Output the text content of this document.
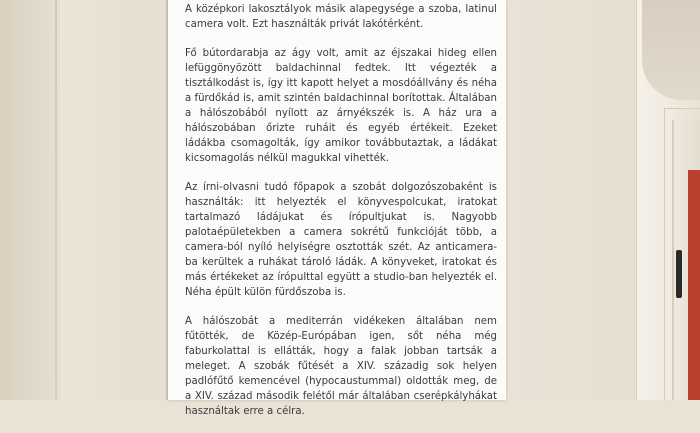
A középkori lakosztályok másik alapegysége a szoba, latinul camera volt. Ezt használták privát lakótérként.

Fő bútordarabja az ágy volt, amit az éjszakai hideg ellen lefüggönyözött baldachinnal fedtek. Itt végezték a tisztálkodást is, így itt kapott helyet a mosdóállvány és néha a fürdőkád is, amit szintén baldachinnal borítottak. Általában a hálószobából nyílott az árnyékszék is. A ház ura a hálószobában őrizte ruháit és egyéb értékeit. Ezeket ládákba csomagolták, így amikor továbbutaztak, a ládákat kicsomagolás nélkül magukkal vihették.

Az írni-olvasni tudó főpapok a szobát dolgozószobaként is használták: itt helyezték el könyvespolcukat, iratokat tartalmazó ládájukat és írópultjukat is. Nagyobb palotaépületekben a camera sokrétű funkcióját több, a camera-ból nyíló helyiségre osztották szét. Az anticamera-ba kerültek a ruhákat tároló ládák. A könyveket, iratokat és más értékeket az írópulttal együtt a studio-ban helyezték el. Néha épült külön fürdőszoba is.

A hálószobát a mediterrán vidékeken általában nem fűtötték, de Közép-Európában igen, sőt néha még faburkolattal is ellátták, hogy a falak jobban tartsák a meleget. A szobák fűtését a XIV. századig sok helyen padlófűtő kemencével (hypocaustummal) oldották meg, de a XIV. század második felétől már általában cserépkályhákat használtak erre a célra.
